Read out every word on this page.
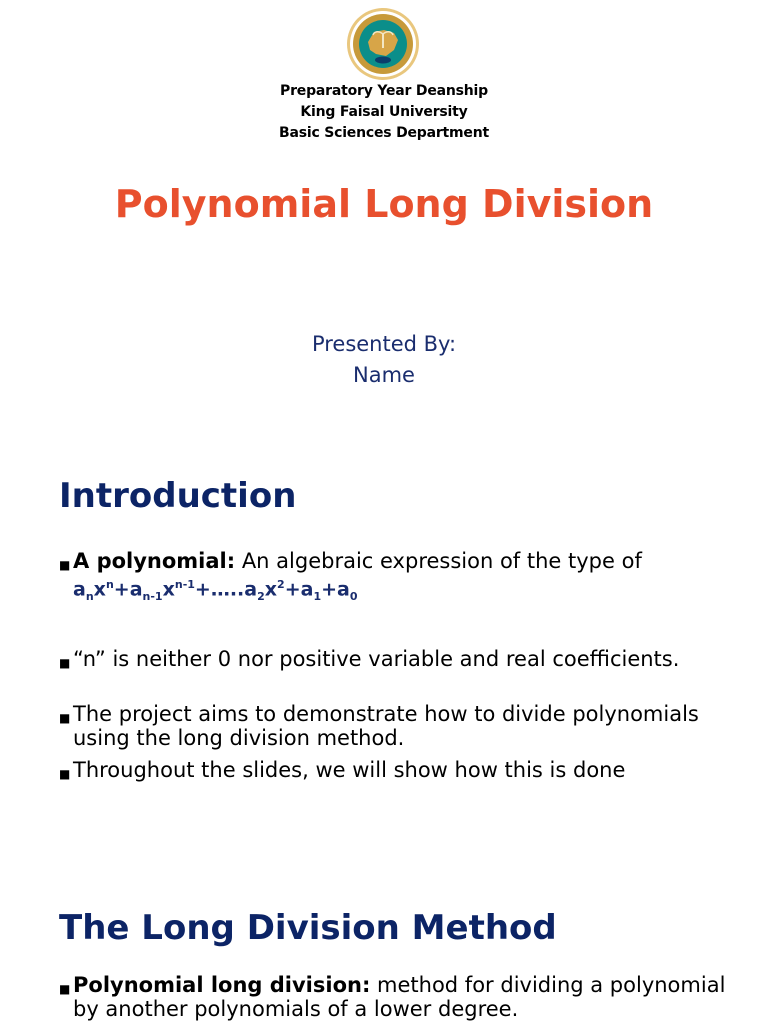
Preparatory Year Deanship
King Faisal University
Basic Sciences Department
Polynomial Long Division
Presented By:
Name
Introduction
■ A polynomial: An algebraic expression of the type of
$a_nx^n+a_{n-1}x^{n-1}+\dots..a_2x^2+a_1+a_0$
■ “n” is neither 0 nor positive variable and real coefficients.
■ The project aims to demonstrate how to divide polynomials using the long division method.
■ Throughout the slides, we will show how this is done
The Long Division Method
■ Polynomial long division: method for dividing a polynomial by another polynomials of a lower degree.
